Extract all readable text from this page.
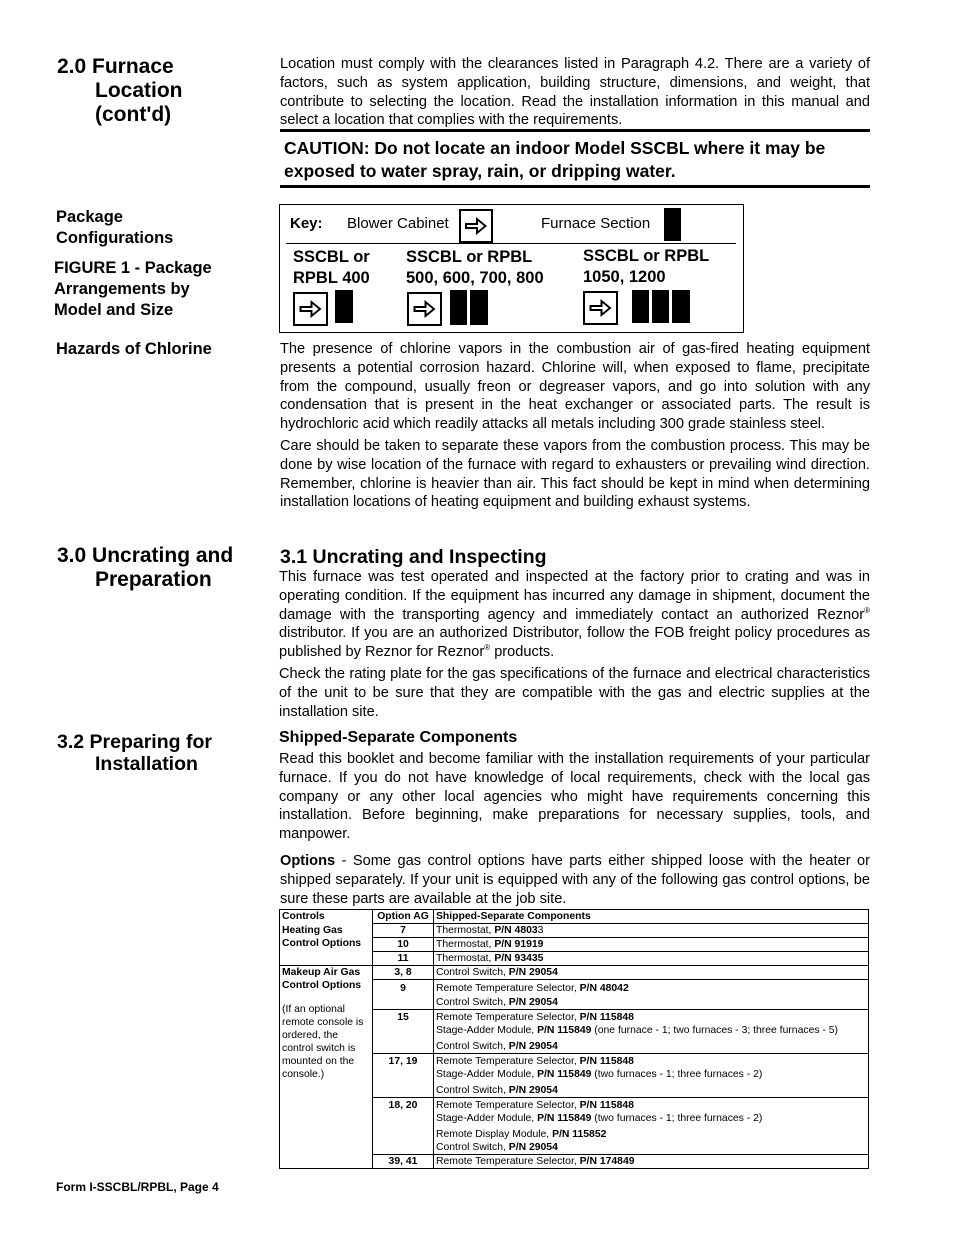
2.0 Furnace
Location
(cont'd)
Package
Configurations
FIGURE 1 - Package
Arrangements by
Model and Size
Hazards of Chlorine
3.0 Uncrating and
Preparation
3.2 Preparing for
Installation

Location must comply with the clearances listed in Paragraph 4.2. There are a variety of factors, such as system application, building structure, dimensions, and weight, that contribute to selecting the location. Read the installation information in this manual and select a location that complies with the requirements.

CAUTION: Do not locate an indoor Model SSCBL where it may be exposed to water spray, rain, or dripping water.
Key: Blower Cabinet	Furnace Section
SSCBL or
RPBL 400
SSCBL or RPBL
500, 600, 700, 800
SSCBL or RPBL
1050, 1200

The presence of chlorine vapors in the combustion air of gas-fired heating equipment presents a potential corrosion hazard. Chlorine will, when exposed to flame, precipitate from the compound, usually freon or degreaser vapors, and go into solution with any condensation that is present in the heat exchanger or associated parts. The result is hydrochloric acid which readily attacks all metals including 300 grade stainless steel.

Care should be taken to separate these vapors from the combustion process. This may be done by wise location of the furnace with regard to exhausters or prevailing wind direction. Remember, chlorine is heavier than air. This fact should be kept in mind when determining installation locations of heating equipment and building exhaust systems.

3.1 Uncrating and Inspecting

This furnace was test operated and inspected at the factory prior to crating and was in operating condition. If the equipment has incurred any damage in shipment, document the damage with the transporting agency and immediately contact an authorized Reznor® distributor. If you are an authorized Distributor, follow the FOB freight policy procedures as published by Reznor for Reznor® products.

Check the rating plate for the gas specifications of the furnace and electrical characteristics of the unit to be sure that they are compatible with the gas and electric supplies at the installation site.

Shipped-Separate Components

Read this booklet and become familiar with the installation requirements of your particular furnace. If you do not have knowledge of local requirements, check with the local gas company or any other local agencies who might have requirements concerning this installation. Before beginning, make preparations for necessary supplies, tools, and manpower.

Options - Some gas control options have parts either shipped loose with the heater or shipped separately. If your unit is equipped with any of the following gas control options, be sure these parts are available at the job site.

Controls	Option AG	Shipped-Separate Components

Heating Gas
Control Options	7	Thermostat, P/N 48033
	10	Thermostat, P/N 91919
	11	Thermostat, P/N 93435

Makeup Air Gas
Control Options
(If an optional remote console is ordered, the control switch is mounted on the console.)	3, 8	Control Switch, P/N 29054
	9	Remote Temperature Selector, P/N 48042
Control Switch, P/N 29054

	15	Remote Temperature Selector, P/N 115848
Stage-Adder Module, P/N 115849 (one furnace - 1; two furnaces - 3; three furnaces - 5)
Control Switch, P/N 29054

	17, 19	Remote Temperature Selector, P/N 115848
Stage-Adder Module, P/N 115849 (two furnaces - 1; three furnaces - 2)
Control Switch, P/N 29054

	18, 20	Remote Temperature Selector, P/N 115848
Stage-Adder Module, P/N 115849 (two furnaces - 1; three furnaces - 2)
Remote Display Module, P/N 115852
Control Switch, P/N 29054

	39, 41	Remote Temperature Selector, P/N 174849
Form I-SSCBL/RPBL, Page 4
